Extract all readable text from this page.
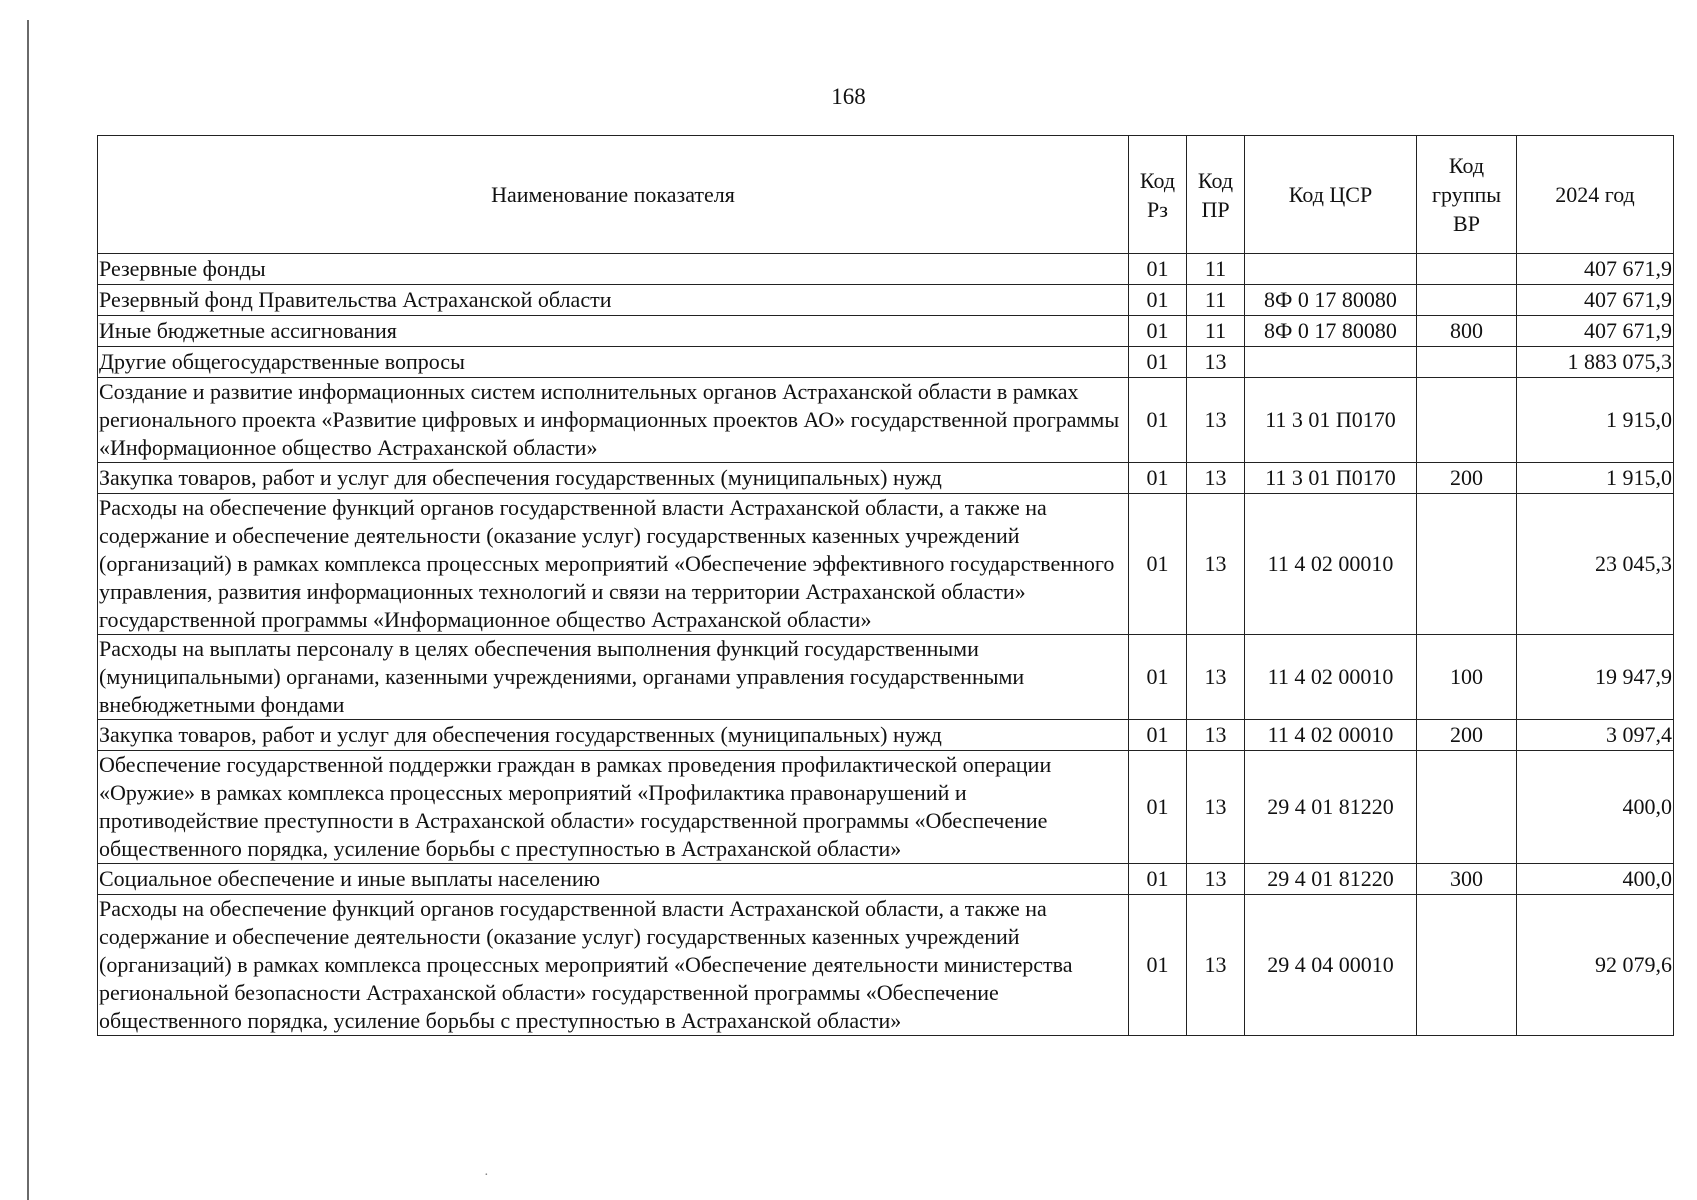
168
Наименование показателя	Код Рз	Код ПР	Код ЦСР	Код группы ВР	2024 год
Резервные фонды	01	11			407 671,9
Резервный фонд Правительства Астраханской области	01	11	8Ф 0 17 80080		407 671,9
Иные бюджетные ассигнования	01	11	8Ф 0 17 80080	800	407 671,9
Другие общегосударственные вопросы	01	13			1 883 075,3
Создание и развитие информационных систем исполнительных органов Астраханской области в рамках регионального проекта «Развитие цифровых и информационных проектов АО» государственной программы «Информационное общество Астраханской области»	01	13	11 3 01 П0170		1 915,0
Закупка товаров, работ и услуг для обеспечения государственных (муниципальных) нужд	01	13	11 3 01 П0170	200	1 915,0
Расходы на обеспечение функций органов государственной власти Астраханской области, а также на содержание и обеспечение деятельности (оказание услуг) государственных казенных учреждений (организаций) в рамках комплекса процессных мероприятий «Обеспечение эффективного государственного управления, развития информационных технологий и связи на территории Астраханской области» государственной программы «Информационное общество Астраханской области»	01	13	11 4 02 00010		23 045,3
Расходы на выплаты персоналу в целях обеспечения выполнения функций государственными (муниципальными) органами, казенными учреждениями, органами управления государственными внебюджетными фондами	01	13	11 4 02 00010	100	19 947,9
Закупка товаров, работ и услуг для обеспечения государственных (муниципальных) нужд	01	13	11 4 02 00010	200	3 097,4
Обеспечение государственной поддержки граждан в рамках проведения профилактической операции «Оружие» в рамках комплекса процессных мероприятий «Профилактика правонарушений и противодействие преступности в Астраханской области» государственной программы «Обеспечение общественного порядка, усиление борьбы с преступностью в Астраханской области»	01	13	29 4 01 81220		400,0
Социальное обеспечение и иные выплаты населению	01	13	29 4 01 81220	300	400,0
Расходы на обеспечение функций органов государственной власти Астраханской области, а также на содержание и обеспечение деятельности (оказание услуг) государственных казенных учреждений (организаций) в рамках комплекса процессных мероприятий «Обеспечение деятельности министерства региональной безопасности Астраханской области» государственной программы «Обеспечение общественного порядка, усиление борьбы с преступностью в Астраханской области»	01	13	29 4 04 00010		92 079,6
·
